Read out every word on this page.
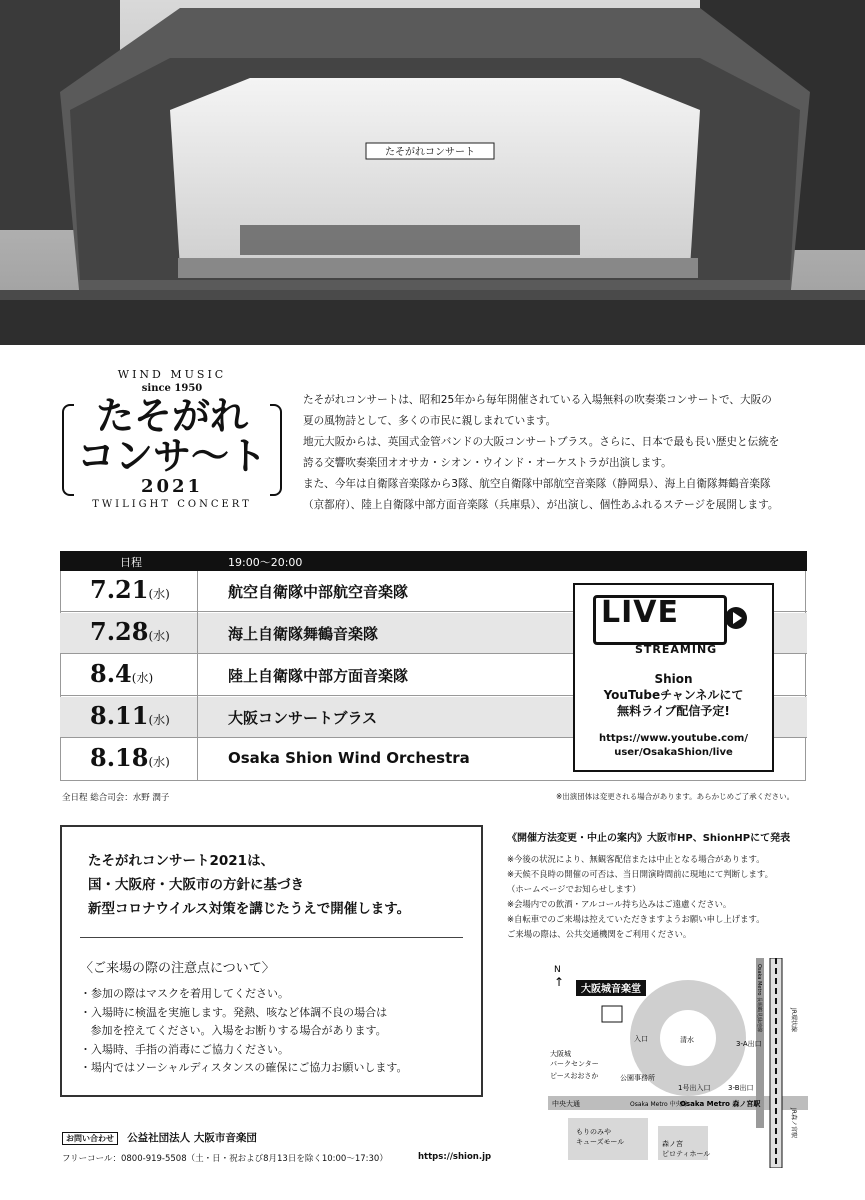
たそがれコンサート
WIND MUSIC
since 1950
たそがれ
コンサ〜ト
2021
TWILIGHT CONCERT

たそがれコンサートは、昭和25年から毎年開催されている入場無料の吹奏楽コンサートで、大阪の

夏の風物詩として、多くの市民に親しまれています。

地元大阪からは、英国式金管バンドの大阪コンサートブラス。さらに、日本で最も長い歴史と伝統を

誇る交響吹奏楽団オオサカ・シオン・ウインド・オーケストラが出演します。

また、今年は自衛隊音楽隊から3隊、航空自衛隊中部航空音楽隊（静岡県）、海上自衛隊舞鶴音楽隊

（京都府）、陸上自衛隊中部方面音楽隊（兵庫県）、が出演し、個性あふれるステージを展開します。

日程	19:00〜20:00
7.21(水)	航空自衛隊中部航空音楽隊
7.28(水)	海上自衛隊舞鶴音楽隊
8.4(水)	陸上自衛隊中部方面音楽隊
8.11(水)	大阪コンサートブラス
8.18(水)	Osaka Shion Wind Orchestra
LIVE
STREAMING
Shion
YouTubeチャンネルにて
無料ライブ配信予定!
https://www.youtube.com/
user/OsakaShion/live
全日程 総合司会：水野 潤子	※出演団体は変更される場合があります。あらかじめご了承ください。
たそがれコンサート2021は、
国・大阪府・大阪市の方針に基づき
新型コロナウイルス対策を講じたうえで開催します。
〈ご来場の際の注意点について〉
・参加の際はマスクを着用してください。
・入場時に検温を実施します。発熱、咳など体調不良の場合は
参加を控えてください。入場をお断りする場合があります。
・入場時、手指の消毒にご協力ください。
・場内ではソーシャルディスタンスの確保にご協力お願いします。
《開催方法変更・中止の案内》大阪市HP、ShionHPにて発表
※今後の状況により、無観客配信または中止となる場合があります。
※天候不良時の開催の可否は、当日開演時間前に現地にて判断します。
（ホームページでお知らせします）
※会場内での飲酒・アルコール持ち込みはご遠慮ください。
※自転車でのご来場は控えていただきますようお願い申し上げます。
ご来場の際は、公共交通機関をご利用ください。
大阪城音楽堂
N
↑
入口
大阪城
パークセンター
ピースおおさか	公園事務所
1号出入口
清水	3-A出口
3-B出口
中央大通	Osaka Metro 中央線
Osaka Metro 森ノ宮駅
もりのみや
キューズモール	森ノ宮
ピロティホール
JR環状線
JR森ノ宮駅
Osaka Metro 長堀鶴見緑地線
お問い合わせ 公益社団法人 大阪市音楽団
フリーコール：0800-919-5508（土・日・祝および8月13日を除く10:00〜17:30）	https://shion.jp
